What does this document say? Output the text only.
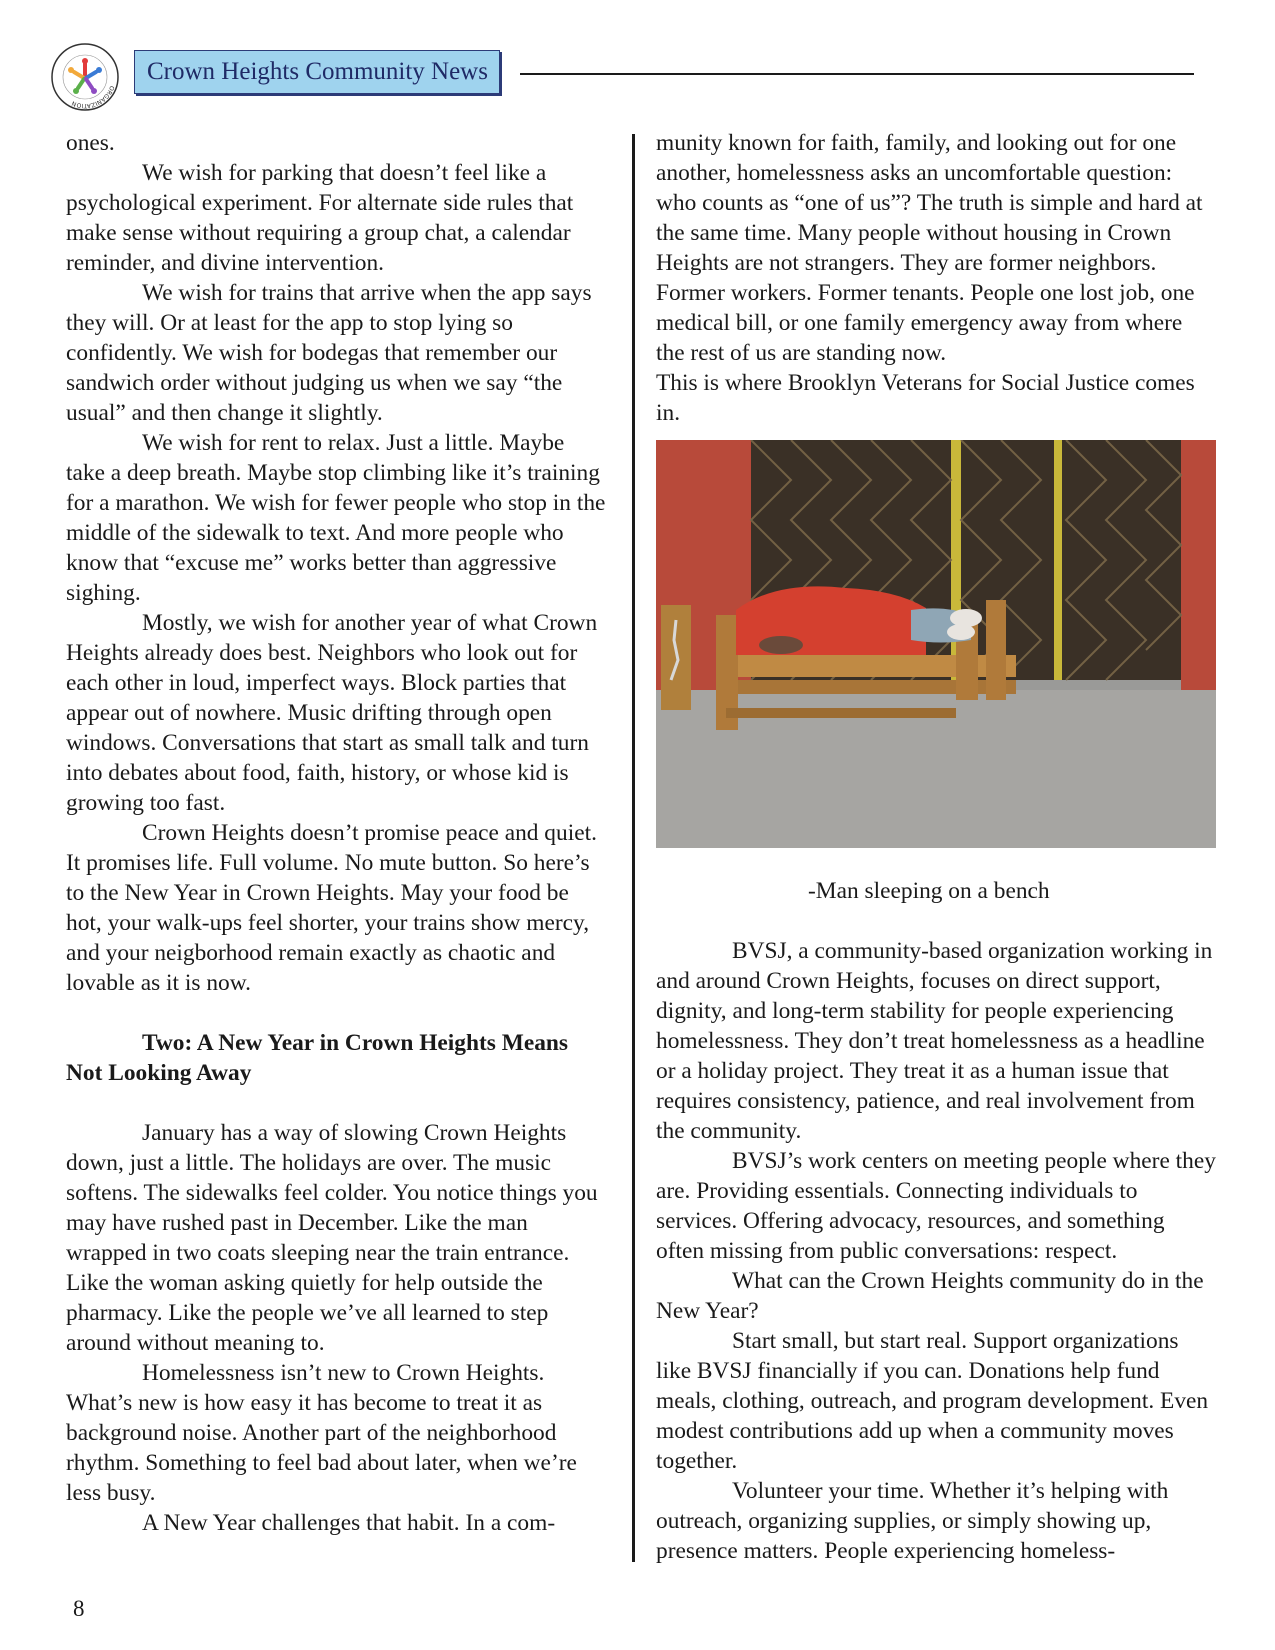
ORGANIZATION
Crown Heights Community News

ones.

We wish for parking that doesn’t feel like a psychological experiment. For alternate side rules that make sense without requiring a group chat, a calendar reminder, and divine intervention.

We wish for trains that arrive when the app says they will. Or at least for the app to stop lying so confidently. We wish for bodegas that remember our sandwich order without judging us when we say “the usual” and then change it slightly.

We wish for rent to relax. Just a little. Maybe take a deep breath. Maybe stop climbing like it’s training for a marathon. We wish for fewer people who stop in the middle of the sidewalk to text. And more people who know that “excuse me” works better than aggressive sighing.

Mostly, we wish for another year of what Crown Heights already does best. Neighbors who look out for each other in loud, imperfect ways. Block parties that appear out of nowhere. Music drifting through open windows. Conversations that start as small talk and turn into debates about food, faith, history, or whose kid is growing too fast.

Crown Heights doesn’t promise peace and quiet. It promises life. Full volume. No mute button. So here’s to the New Year in Crown Heights. May your food be hot, your walk-ups feel shorter, your trains show mercy, and your neigborhood remain exactly as chaotic and lovable as it is now.

Two: A New Year in Crown Heights Means Not Looking Away

January has a way of slowing Crown Heights down, just a little. The holidays are over. The music softens. The sidewalks feel colder. You notice things you may have rushed past in December. Like the man wrapped in two coats sleeping near the train entrance. Like the woman asking quietly for help outside the pharmacy. Like the people we’ve all learned to step around without meaning to.

Homelessness isn’t new to Crown Heights. What’s new is how easy it has become to treat it as background noise. Another part of the neighborhood rhythm. Something to feel bad about later, when we’re less busy.

A New Year challenges that habit. In a com-

munity known for faith, family, and looking out for one another, homelessness asks an uncomfortable question: who counts as “one of us”? The truth is simple and hard at the same time. Many people without housing in Crown Heights are not strangers. They are former neighbors. Former workers. Former tenants. People one lost job, one medical bill, or one family emergency away from where the rest of us are standing now.

This is where Brooklyn Veterans for Social Justice comes in.

-Man sleeping on a bench

BVSJ, a community-based organization working in and around Crown Heights, focuses on direct support, dignity, and long-term stability for people experiencing homelessness. They don’t treat homelessness as a headline or a holiday project. They treat it as a human issue that requires consistency, patience, and real involvement from the community.

BVSJ’s work centers on meeting people where they are. Providing essentials. Connecting individuals to services. Offering advocacy, resources, and something often missing from public conversations: respect.

What can the Crown Heights community do in the New Year?

Start small, but start real. Support organizations like BVSJ financially if you can. Donations help fund meals, clothing, outreach, and program development. Even modest contributions add up when a community moves together.

Volunteer your time. Whether it’s helping with outreach, organizing supplies, or simply showing up, presence matters. People experiencing homeless-

8
